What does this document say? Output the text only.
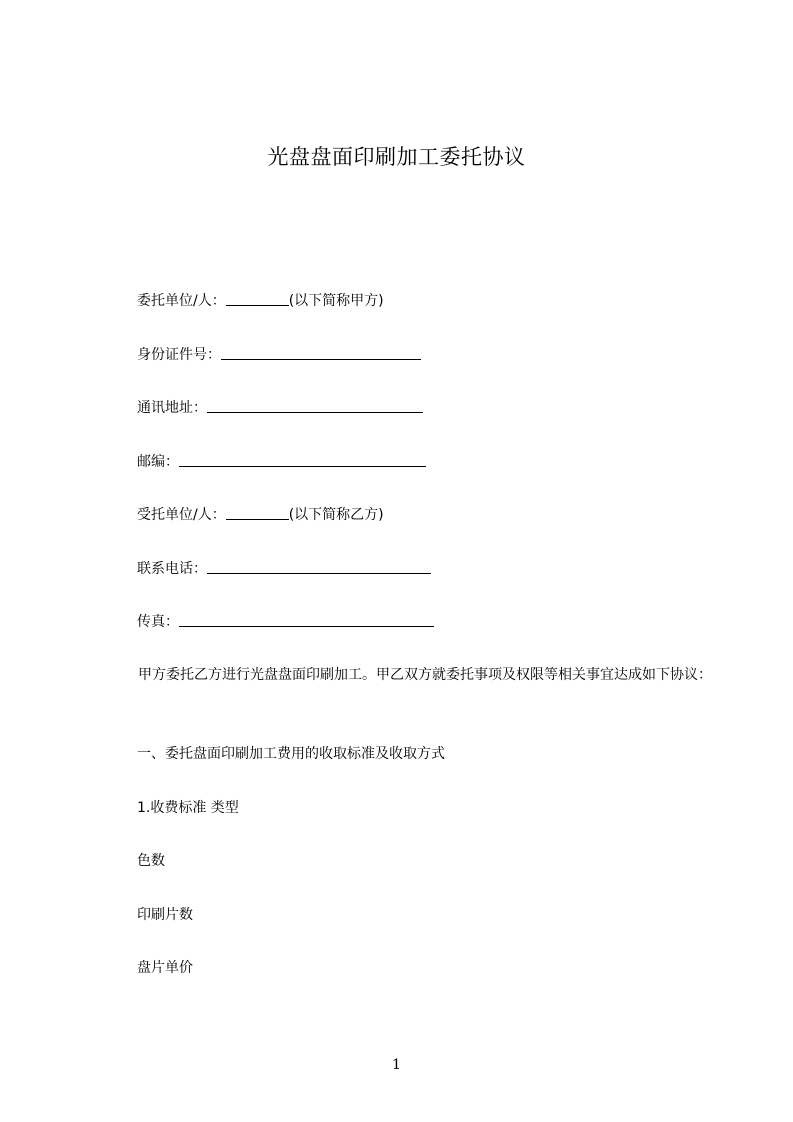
光盘盘面印刷加工委托协议
委托单位/人：	(以下简称甲方)
身份证件号：
通讯地址：
邮编：
受托单位/人：	(以下简称乙方)
联系电话：
传真：
甲方委托乙方进行光盘盘面印刷加工。甲乙双方就委托事项及权限等相关事宜达成如下协议：
一、委托盘面印刷加工费用的收取标准及收取方式
1.收费标准 类型
色数
印刷片数
盘片单价
1
